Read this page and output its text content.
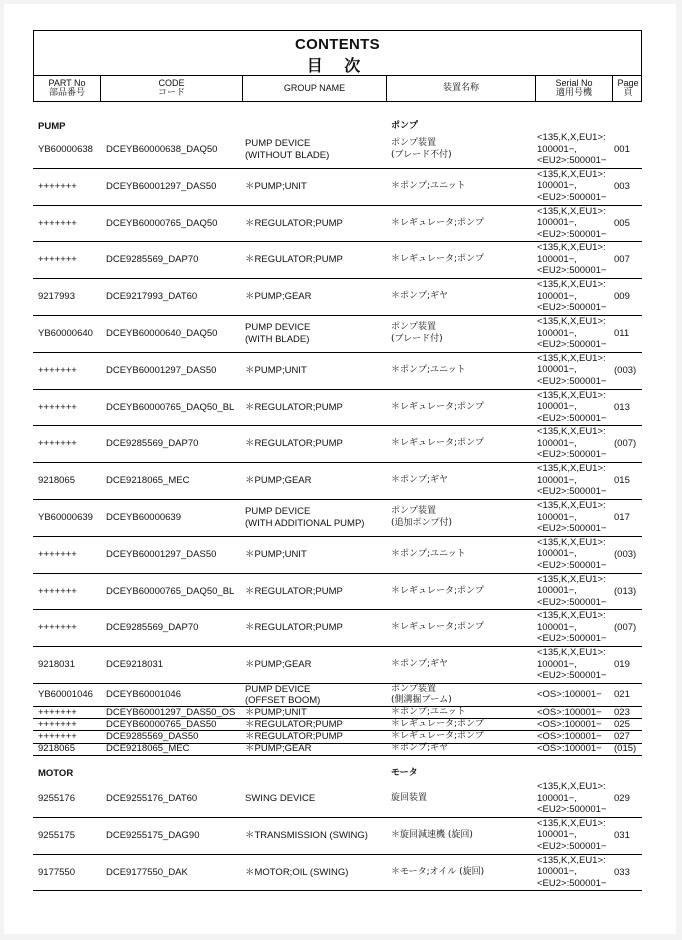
CONTENTS
目 次
PART No
部品番号
CODE
コード	GROUP NAME	装置名称	Serial No
適用号機
Page
頁
PUMP	ポンプ
YB60000638 DCEYB60000638_DAQ50
PUMP DEVICE
(WITHOUT BLADE)
ポンプ装置
(ブレード不付)
<135,K,X,EU1>:
100001−,
<EU2>:500001−
001
+++++++	DCEYB60001297_DAS50	＊PUMP;UNIT	＊ポンプ;ユニット
<135,K,X,EU1>:
100001−,
<EU2>:500001−
003
+++++++	DCEYB60000765_DAQ50	＊REGULATOR;PUMP	＊レギュレータ;ポンプ
<135,K,X,EU1>:
100001−,
<EU2>:500001−
005
+++++++	DCE9285569_DAP70	＊REGULATOR;PUMP	＊レギュレータ;ポンプ
<135,K,X,EU1>:
100001−,
<EU2>:500001−
007
9217993	DCE9217993_DAT60	＊PUMP;GEAR	＊ポンプ;ギヤ
<135,K,X,EU1>:
100001−,
<EU2>:500001−
009
YB60000640 DCEYB60000640_DAQ50
PUMP DEVICE
(WITH BLADE)
ポンプ装置
(ブレード付)
<135,K,X,EU1>:
100001−,
<EU2>:500001−
011
+++++++	DCEYB60001297_DAS50	＊PUMP;UNIT	＊ポンプ;ユニット
<135,K,X,EU1>:
100001−,
<EU2>:500001−
(003)
+++++++	DCEYB60000765_DAQ50_BL ＊REGULATOR;PUMP	＊レギュレータ;ポンプ
<135,K,X,EU1>:
100001−,
<EU2>:500001−
013
+++++++	DCE9285569_DAP70	＊REGULATOR;PUMP	＊レギュレータ;ポンプ
<135,K,X,EU1>:
100001−,
<EU2>:500001−
(007)
9218065	DCE9218065_MEC	＊PUMP;GEAR	＊ポンプ;ギヤ
<135,K,X,EU1>:
100001−,
<EU2>:500001−
015
YB60000639 DCEYB60000639
PUMP DEVICE
(WITH ADDITIONAL PUMP)
ポンプ装置
(追加ポンプ付)
<135,K,X,EU1>:
100001−,
<EU2>:500001−
017
+++++++	DCEYB60001297_DAS50	＊PUMP;UNIT	＊ポンプ;ユニット
<135,K,X,EU1>:
100001−,
<EU2>:500001−
(003)
+++++++	DCEYB60000765_DAQ50_BL ＊REGULATOR;PUMP	＊レギュレータ;ポンプ
<135,K,X,EU1>:
100001−,
<EU2>:500001−
(013)
+++++++	DCE9285569_DAP70	＊REGULATOR;PUMP	＊レギュレータ;ポンプ
<135,K,X,EU1>:
100001−,
<EU2>:500001−
(007)
9218031	DCE9218031	＊PUMP;GEAR	＊ポンプ;ギヤ
<135,K,X,EU1>:
100001−,
<EU2>:500001−
019
YB60001046 DCEYB60001046	PUMP DEVICE
(OFFSET BOOM)
ポンプ装置
(側溝掘ブーム)	<OS>:100001− 021
+++++++	DCEYB60001297_DAS50_OS ＊PUMP;UNIT	＊ポンプ;ユニット	<OS>:100001− 023
+++++++	DCEYB60000765_DAS50	＊REGULATOR;PUMP	＊レギュレータ;ポンプ	<OS>:100001− 025
+++++++	DCE9285569_DAS50	＊REGULATOR;PUMP	＊レギュレータ;ポンプ	<OS>:100001− 027
9218065	DCE9218065_MEC	＊PUMP;GEAR	＊ポンプ;ギヤ	<OS>:100001− (015)
MOTOR	モータ
9255176	DCE9255176_DAT60	SWING DEVICE	旋回装置
<135,K,X,EU1>:
100001−,
<EU2>:500001−
029
9255175	DCE9255175_DAG90	＊TRANSMISSION (SWING)	＊旋回減速機 (旋回)
<135,K,X,EU1>:
100001−,
<EU2>:500001−
031
9177550	DCE9177550_DAK	＊MOTOR;OIL (SWING)	＊モータ;オイル (旋回)
<135,K,X,EU1>:
100001−,
<EU2>:500001−
033
